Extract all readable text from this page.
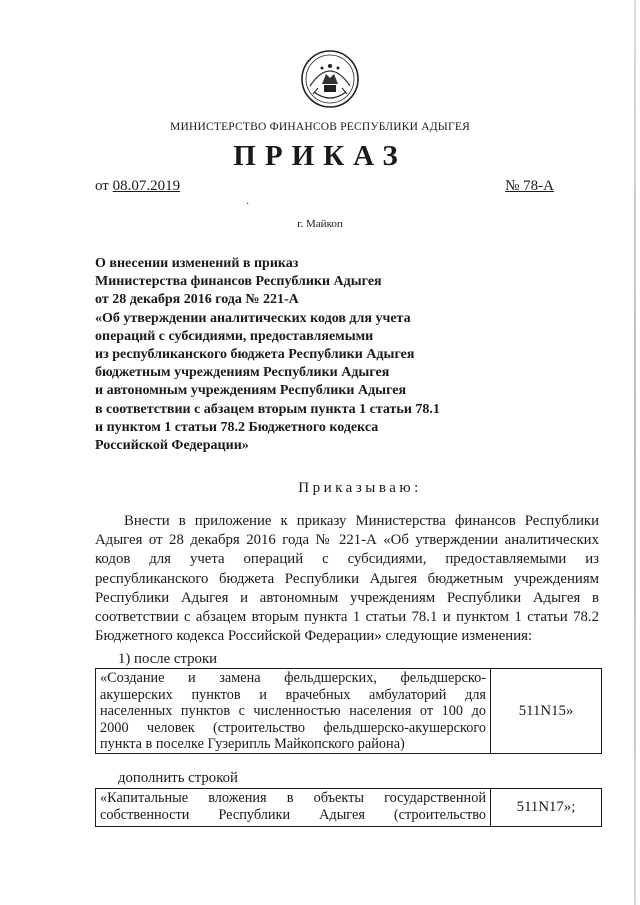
МИНИСТЕРСТВО ФИНАНСОВ РЕСПУБЛИКИ АДЫГЕЯ
ПРИКАЗ
от 08.07.2019	№ 78-А
·
г. Майкоп
О внесении изменений в приказ
Министерства финансов Республики Адыгея
от 28 декабря 2016 года № 221-А
«Об утверждении аналитических кодов для учета
операций с субсидиями, предоставляемыми
из республиканского бюджета Республики Адыгея
бюджетным учреждениям Республики Адыгея
и автономным учреждениям Республики Адыгея
в соответствии с абзацем вторым пункта 1 статьи 78.1
и пунктом 1 статьи 78.2 Бюджетного кодекса
Российской Федерации»
Приказываю:
Внести в приложение к приказу Министерства финансов Республики
Адыгея от 28 декабря 2016 года № 221-А «Об утверждении аналитических
кодов для учета операций с субсидиями, предоставляемыми из
республиканского бюджета Республики Адыгея бюджетным учреждениям
Республики Адыгея и автономным учреждениям Республики Адыгея в
соответствии с абзацем вторым пункта 1 статьи 78.1 и пунктом 1 статьи 78.2
Бюджетного кодекса Российской Федерации» следующие изменения:
1) после строки
«Создание и замена фельдшерских, фельдшерско-
акушерских пунктов и врачебных амбулаторий для
населенных пунктов с численностью населения от 100 до
2000 человек (строительство фельдшерско-акушерского
пункта в поселке Гузерипль Майкопского района)
511N15»
дополнить строкой
«Капитальные вложения в объекты государственной
собственности Республики Адыгея (строительство	511N17»;
